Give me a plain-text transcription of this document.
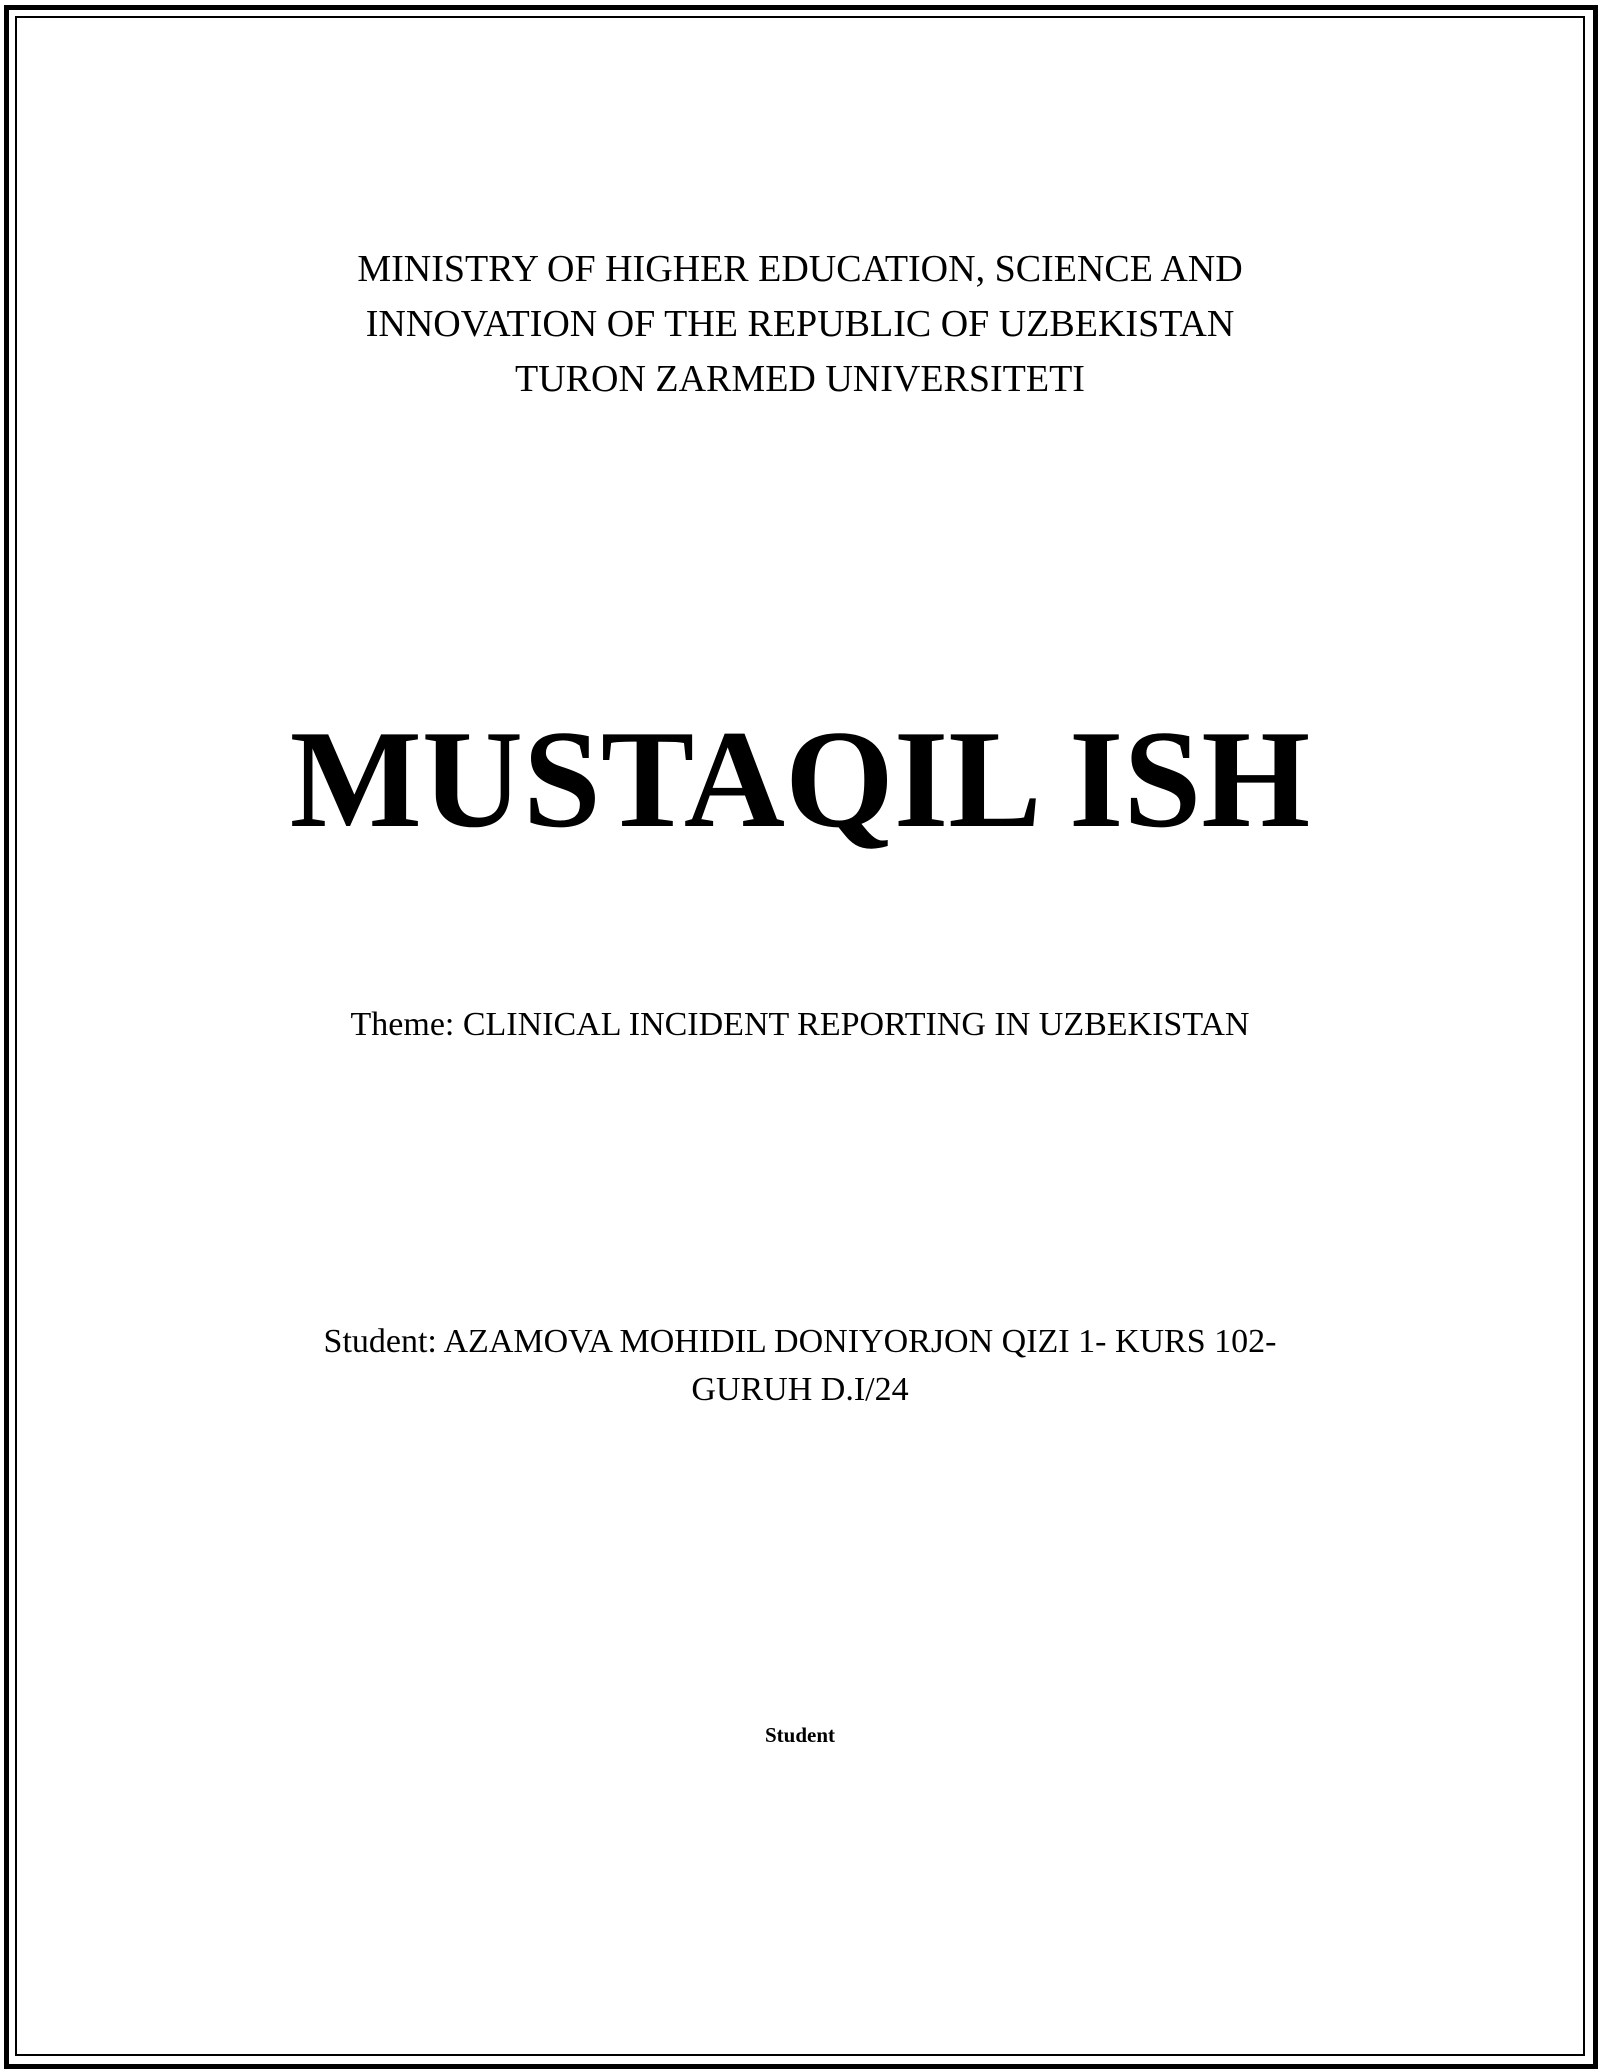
MINISTRY OF HIGHER EDUCATION, SCIENCE AND
INNOVATION OF THE REPUBLIC OF UZBEKISTAN
TURON ZARMED UNIVERSITETI
MUSTAQIL ISH
Theme: CLINICAL INCIDENT REPORTING IN UZBEKISTAN
Student: AZAMOVA MOHIDIL DONIYORJON QIZI 1- KURS 102-
GURUH D.I/24
Student
